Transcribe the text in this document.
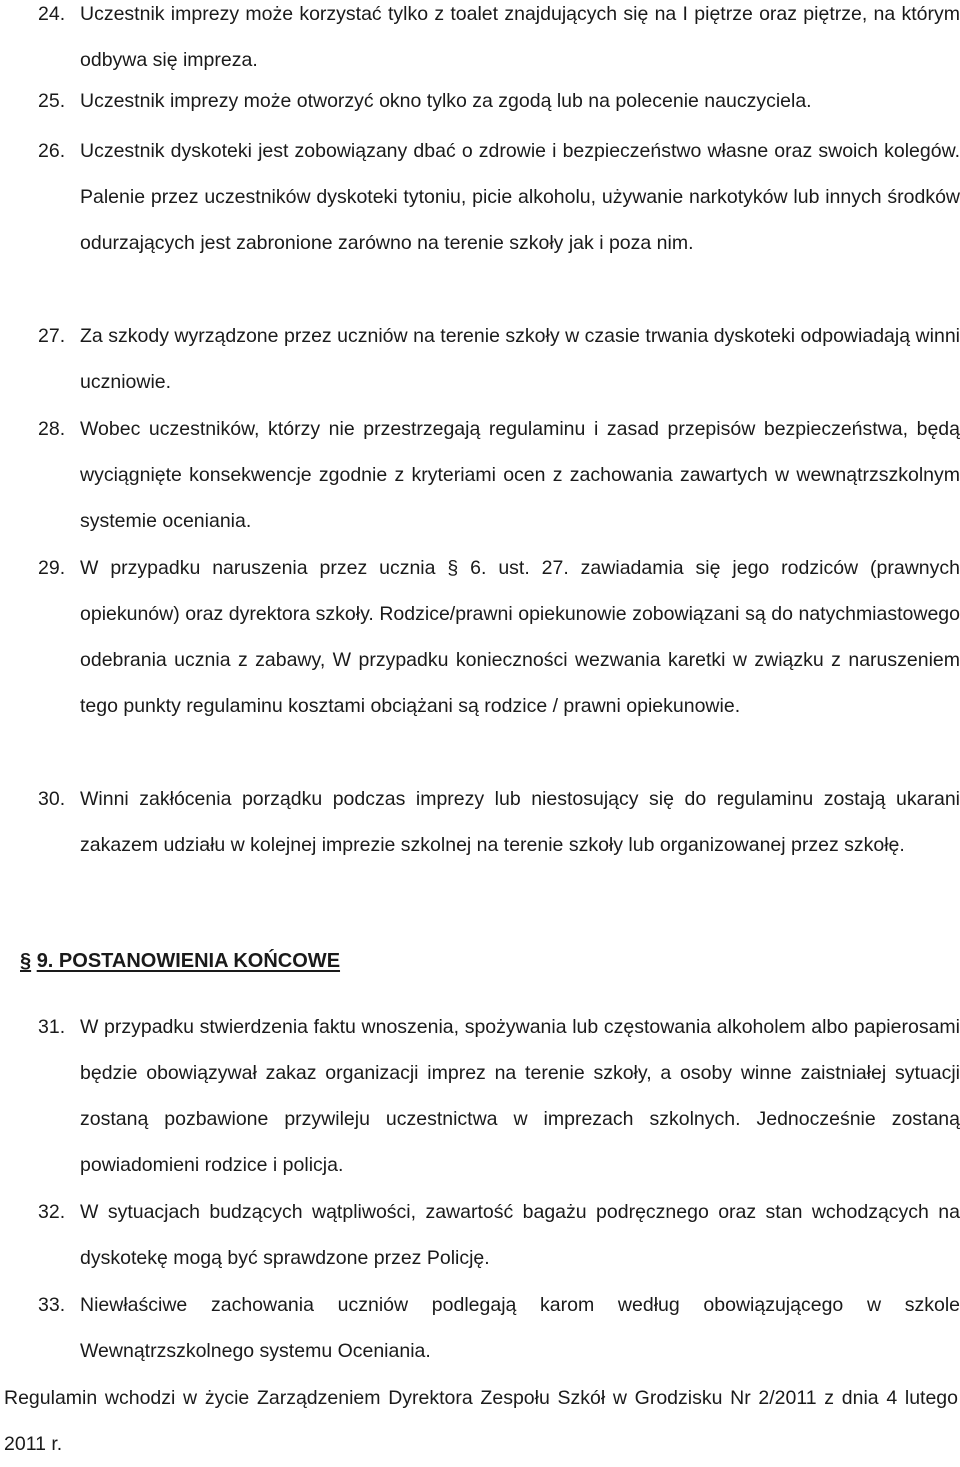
24. Uczestnik imprezy może korzystać tylko z toalet znajdujących się na I piętrze oraz piętrze, na którym odbywa się impreza.
25. Uczestnik imprezy może otworzyć okno tylko za zgodą lub na polecenie nauczyciela.
26. Uczestnik dyskoteki jest zobowiązany dbać o zdrowie i bezpieczeństwo własne oraz swoich kolegów. Palenie przez uczestników dyskoteki tytoniu, picie alkoholu, używanie narkotyków lub innych środków odurzających jest zabronione zarówno na terenie szkoły jak i poza nim.
27. Za szkody wyrządzone przez uczniów na terenie szkoły w czasie trwania dyskoteki odpowiadają winni uczniowie.
28. Wobec uczestników, którzy nie przestrzegają regulaminu i zasad przepisów bezpieczeństwa, będą wyciągnięte konsekwencje zgodnie z kryteriami ocen z zachowania zawartych w wewnątrzszkolnym systemie oceniania.
29. W przypadku naruszenia przez ucznia § 6. ust. 27. zawiadamia się jego rodziców (prawnych opiekunów) oraz dyrektora szkoły. Rodzice/prawni opiekunowie zobowiązani są do natychmiastowego odebrania ucznia z zabawy, W przypadku konieczności wezwania karetki w związku z naruszeniem tego punkty regulaminu kosztami obciążani są rodzice / prawni opiekunowie.
30. Winni zakłócenia porządku podczas imprezy lub niestosujący się do regulaminu zostają ukarani zakazem udziału w kolejnej imprezie szkolnej na terenie szkoły lub organizowanej przez szkołę.
§ 9. POSTANOWIENIA KOŃCOWE
31. W przypadku stwierdzenia faktu wnoszenia, spożywania lub częstowania alkoholem albo papierosami będzie obowiązywał zakaz organizacji imprez na terenie szkoły, a osoby winne zaistniałej sytuacji zostaną pozbawione przywileju uczestnictwa w imprezach szkolnych. Jednocześnie zostaną powiadomieni rodzice i policja.
32. W sytuacjach budzących wątpliwości, zawartość bagażu podręcznego oraz stan wchodzących na dyskotekę mogą być sprawdzone przez Policję.
33. Niewłaściwe zachowania uczniów podlegają karom według obowiązującego w szkole Wewnątrzszkolnego systemu Oceniania.
Regulamin wchodzi w życie Zarządzeniem Dyrektora Zespołu Szkół w Grodzisku Nr 2/2011 z dnia 4 lutego 2011 r.
